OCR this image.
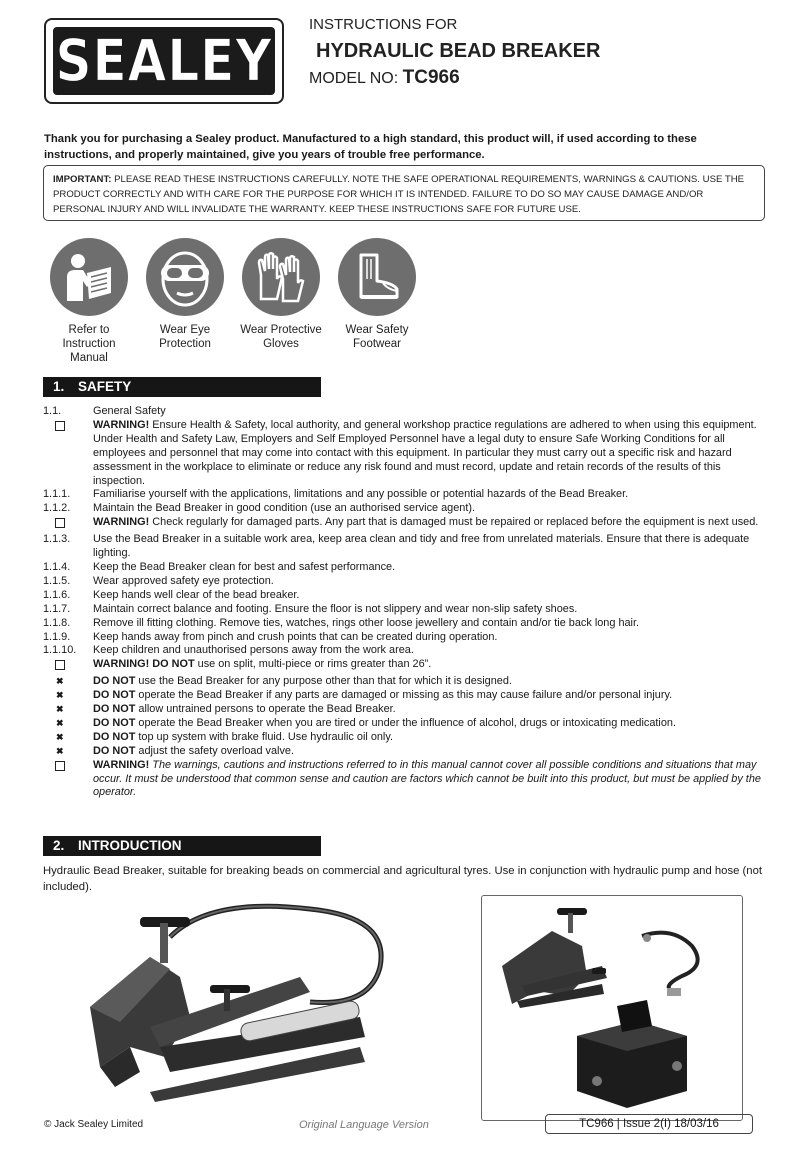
SEALEY
INSTRUCTIONS FOR
HYDRAULIC BEAD BREAKER
MODEL NO: TC966
Thank you for purchasing a Sealey product. Manufactured to a high standard, this product will, if used according to these instructions, and properly maintained, give you years of trouble free performance.
IMPORTANT: PLEASE READ THESE INSTRUCTIONS CAREFULLY. NOTE THE SAFE OPERATIONAL REQUIREMENTS, WARNINGS & CAUTIONS. USE THE PRODUCT CORRECTLY AND WITH CARE FOR THE PURPOSE FOR WHICH IT IS INTENDED. FAILURE TO DO SO MAY CAUSE DAMAGE AND/OR PERSONAL INJURY AND WILL INVALIDATE THE WARRANTY. KEEP THESE INSTRUCTIONS SAFE FOR FUTURE USE.
Refer to Instruction Manual
Wear Eye Protection
Wear Protective Gloves
Wear Safety Footwear
1. SAFETY
1.1.	General Safety
WARNING! Ensure Health & Safety, local authority, and general workshop practice regulations are adhered to when using this equipment. Under Health and Safety Law, Employers and Self Employed Personnel have a legal duty to ensure Safe Working Conditions for all employees and personnel that may come into contact with this equipment. In particular they must carry out a specific risk and hazard assessment in the workplace to eliminate or reduce any risk found and must record, update and retain records of the results of this inspection.
1.1.1.	Familiarise yourself with the applications, limitations and any possible or potential hazards of the Bead Breaker.
1.1.2.	Maintain the Bead Breaker in good condition (use an authorised service agent).
WARNING! Check regularly for damaged parts. Any part that is damaged must be repaired or replaced before the equipment is next used.
1.1.3.	Use the Bead Breaker in a suitable work area, keep area clean and tidy and free from unrelated materials. Ensure that there is adequate lighting.
1.1.4.	Keep the Bead Breaker clean for best and safest performance.
1.1.5.	Wear approved safety eye protection.
1.1.6.	Keep hands well clear of the bead breaker.
1.1.7.	Maintain correct balance and footing. Ensure the floor is not slippery and wear non-slip safety shoes.
1.1.8.	Remove ill fitting clothing. Remove ties, watches, rings other loose jewellery and contain and/or tie back long hair.
1.1.9.	Keep hands away from pinch and crush points that can be created during operation.
1.1.10.	Keep children and unauthorised persons away from the work area.
WARNING! DO NOT use on split, multi-piece or rims greater than 26”.
✖	DO NOT use the Bead Breaker for any purpose other than that for which it is designed.
✖	DO NOT operate the Bead Breaker if any parts are damaged or missing as this may cause failure and/or personal injury.
✖	DO NOT allow untrained persons to operate the Bead Breaker.
✖	DO NOT operate the Bead Breaker when you are tired or under the influence of alcohol, drugs or intoxicating medication.
✖	DO NOT top up system with brake fluid. Use hydraulic oil only.
✖	DO NOT adjust the safety overload valve.
WARNING! The warnings, cautions and instructions referred to in this manual cannot cover all possible conditions and situations that may occur. It must be understood that common sense and caution are factors which cannot be built into this product, but must be applied by the operator.
2. INTRODUCTION
Hydraulic Bead Breaker, suitable for breaking beads on commercial and agricultural tyres. Use in conjunction with hydraulic pump and hose (not included).
© Jack Sealey Limited	Original Language Version	TC966 | Issue 2(I) 18/03/16
